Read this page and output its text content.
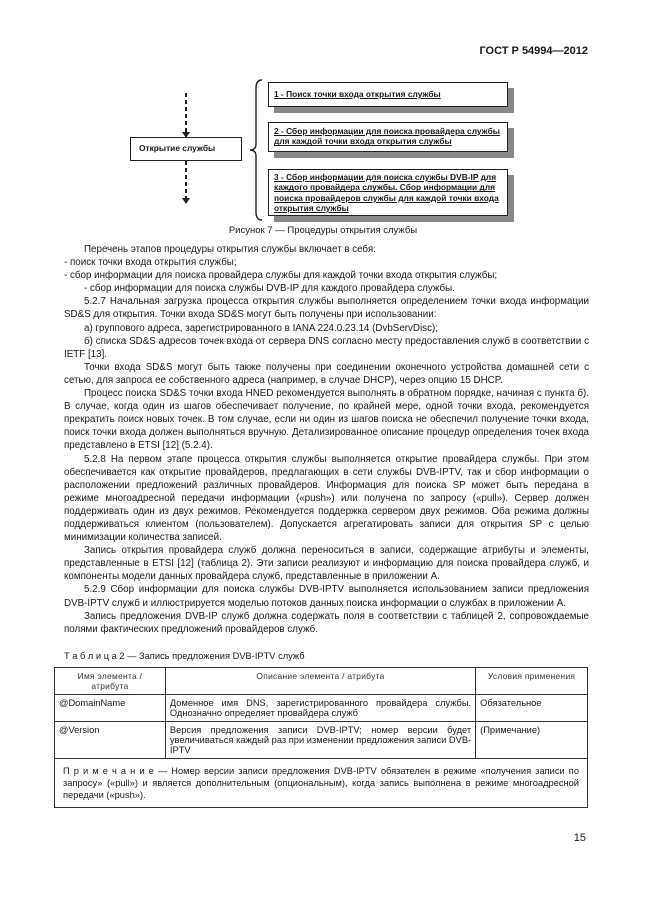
ГОСТ Р 54994—2012
Открытие службы
1 - Поиск точки входа открытия службы
2 - Сбор информации для поиска провайдера службы для каждой точки входа открытия службы
3 - Сбор информации для поиска службы DVB-IP для каждого провайдера службы. Сбор информации для поиска провайдеров службы для каждой точки входа открытия службы
Рисунок 7 — Процедуры открытия службы

Перечень этапов процедуры открытия службы включает в себя:

- поиск точки входа открытия службы;

- сбор информации для поиска провайдера службы для каждой точки входа открытия службы;

- сбор информации для поиска службы DVB-IP для каждого провайдера службы.

5.2.7 Начальная загрузка процесса открытия службы выполняется определением точки входа информации SD&S для открытия. Точки входа SD&S могут быть получены при использовании:

а) группового адреса, зарегистрированного в IANA 224.0.23.14 (DvbServDisc);

б) списка SD&S адресов точек входа от сервера DNS согласно месту предоставления служб в соответствии с IETF [13].

Точки входа SD&S могут быть также получены при соединении оконечного устройства домашней сети с сетью, для запроса ее собственного адреса (например, в случае DHCP), через опцию 15 DHCP.

Процесс поиска SD&S точки входа HNED рекомендуется выполнять в обратном порядке, начиная с пункта б). В случае, когда один из шагов обеспечивает получение, по крайней мере, одной точки входа, рекомендуется прекратить поиск новых точек. В том случае, если ни один из шагов поиска не обеспечил получение точки входа, поиск точки входа должен выполняться вручную. Детализированное описание процедур определения точек входа представлено в ETSI [12] (5.2.4).

5.2.8 На первом этапе процесса открытия службы выполняется открытие провайдера службы. При этом обеспечивается как открытие провайдеров, предлагающих в сети службы DVB-IPTV, так и сбор информации о расположении предложений различных провайдеров. Информация для поиска SP может быть передана в режиме многоадресной передачи информации («push») или получена по запросу («pull»). Сервер должен поддерживать один из двух режимов. Рекомендуется поддержка сервером двух режимов. Оба режима должны поддерживаться клиентом (пользователем). Допускается агрегатировать записи для открытия SP с целью минимизации количества записей.

Запись открытия провайдера служб должна переноситься в записи, содержащие атрибуты и элементы, представленные в ETSI [12] (таблица 2). Эти записи реализуют и информацию для поиска провайдера служб, и компоненты модели данных провайдера служб, представленные в приложении А.

5.2.9 Сбор информации для поиска службы DVB-IPTV выполняется использованием записи предложения DVB-IPTV служб и иллюстрируется моделью потоков данных поиска информации о службах в приложении А.

Запись предложения DVB-IP служб должна содержать поля в соответствии с таблицей 2, сопровождаемые полями фактических предложений провайдеров служб.

Т а б л и ц а 2 — Запись предложения DVB-IPTV служб
Имя элемента / атрибута	Описание элемента / атрибута	Условия применения
@DomainName	Доменное имя DNS, зарегистрированного провайдера службы. Однозначно определяет провайдера служб	Обязательное
@Version	Версия предложения записи DVB-IPTV; номер версии будет увеличиваться каждый раз при изменении предложения записи DVB-IPTV	(Примечание)
П р и м е ч а н и е — Номер версии записи предложения DVB-IPTV обязателен в режиме «получения записи по запросу» («pull») и является дополнительным (опциональным), когда запись выполнена в режиме многоадресной передачи («push»).		
15
